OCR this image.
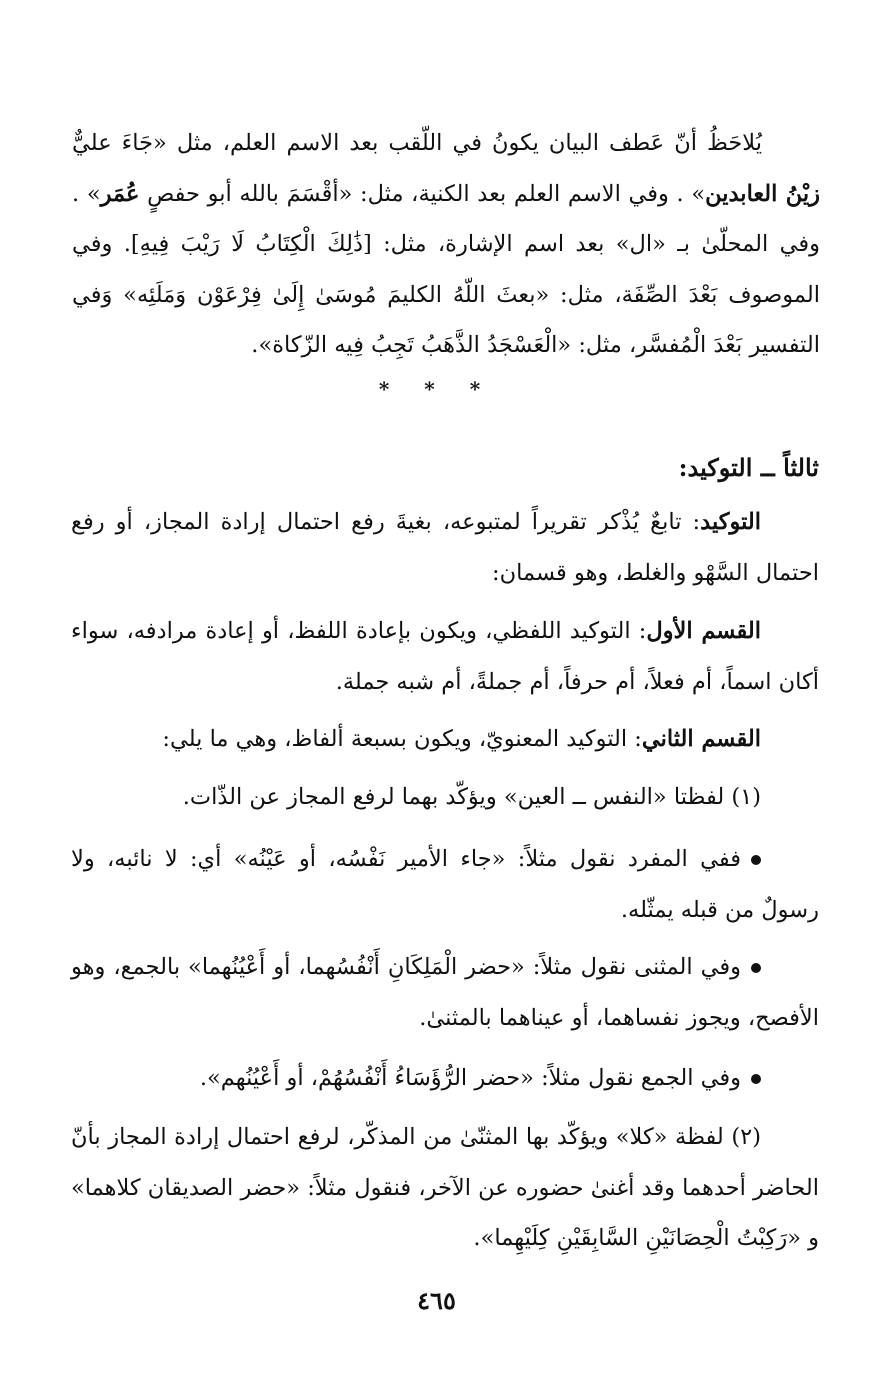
يُلاحَظُ أنّ عَطف البيان يكونُ في اللّقب بعد الاسم العلم، مثل «جَاءَ عليٌّ زيْنُ العابدين» . وفي الاسم العلم بعد الكنية، مثل: «أقْسَمَ بالله أبو حفصٍ عُمَر» . وفي المحلّىٰ بـ «ال» بعد اسم الإشارة، مثل: [ذَٰلِكَ الْكِتَابُ لَا رَيْبَ فِيهِ]. وفي الموصوف بَعْدَ الصِّفَة، مثل: «بعثَ اللّهُ الكليمَ مُوسَىٰ إِلَىٰ فِرْعَوْن وَمَلَئِه» وَفي التفسير بَعْدَ الْمُفسَّر، مثل: «الْعَسْجَدُ الذَّهَبُ تَجِبُ فِيه الزّكاة».

* * *
ثالثاً ــ التوكيد:

التوكيد: تابعٌ يُذْكر تقريراً لمتبوعه، بغيةَ رفع احتمال إرادة المجاز، أو رفع احتمال السَّهْو والغلط، وهو قسمان:

القسم الأول: التوكيد اللفظي، ويكون بإعادة اللفظ، أو إعادة مرادفه، سواء أكان اسماً، أم فعلاً، أم حرفاً، أم جملةً، أم شبه جملة.

القسم الثاني: التوكيد المعنويّ، ويكون بسبعة ألفاظ، وهي ما يلي:

(١) لفظتا «النفس ــ العين» ويؤكّد بهما لرفع المجاز عن الذّات.

ففي المفرد نقول مثلاً: «جاء الأمير نَفْسُه، أو عَيْنُه» أي: لا نائبه، ولا رسولٌ من قبله يمثّله.

وفي المثنى نقول مثلاً: «حضر الْمَلِكَانِ أَنْفُسُهما، أو أَعْيُنُهما» بالجمع، وهو الأفصح، ويجوز نفساهما، أو عيناهما بالمثنىٰ.

وفي الجمع نقول مثلاً: «حضر الرُّؤَسَاءُ أَنْفُسُهُمْ، أو أَعْيُنُهم».

(٢) لفظة «كلا» ويؤكّد بها المثنّىٰ من المذكّر، لرفع احتمال إرادة المجاز بأنّ الحاضر أحدهما وقد أغنىٰ حضوره عن الآخر، فنقول مثلاً: «حضر الصديقان كلاهما» و «رَكِبْتُ الْحِصَانَيْنِ السَّابِقَيْنِ كِلَيْهِما».

٤٦٥
